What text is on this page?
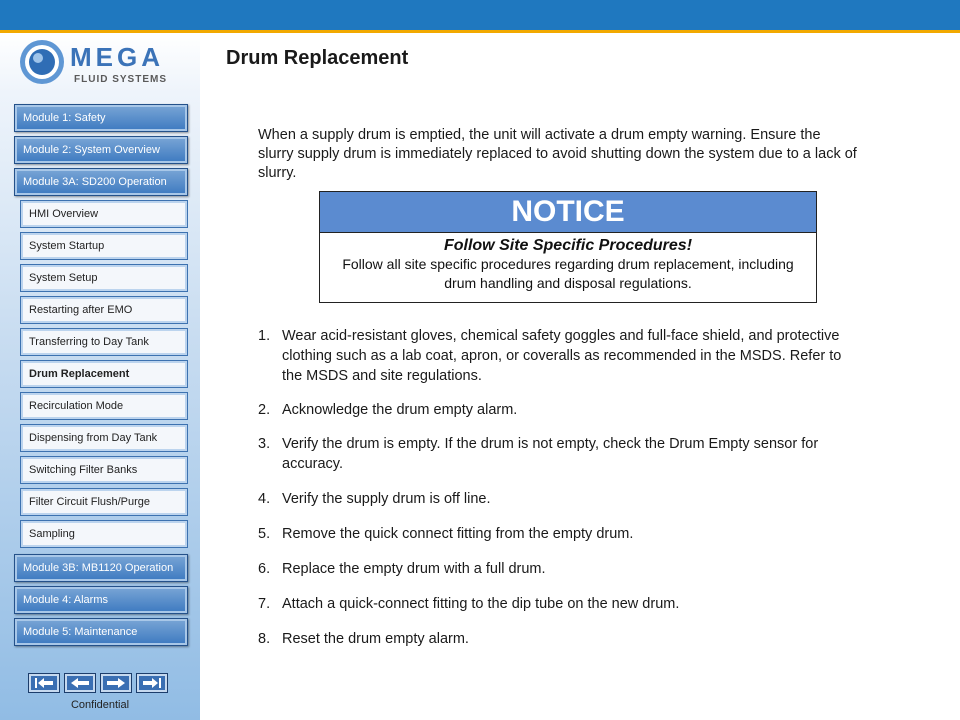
MEGA
FLUID SYSTEMS
Module 1: Safety
Module 2: System Overview
Module 3A: SD200 Operation
HMI Overview
System Startup
System Setup
Restarting after EMO
Transferring to Day Tank
Drum Replacement
Recirculation Mode
Dispensing from Day Tank
Switching Filter Banks
Filter Circuit Flush/Purge
Sampling
Module 3B: MB1120 Operation
Module 4: Alarms
Module 5: Maintenance
Confidential
Drum Replacement
When a supply drum is emptied, the unit will activate a drum empty warning. Ensure the slurry supply drum is immediately replaced to avoid shutting down the system due to a lack of slurry.
NOTICE
Follow Site Specific Procedures!
Follow all site specific procedures regarding drum replacement, including drum handling and disposal regulations.
1. Wear acid-resistant gloves, chemical safety goggles and full-face shield, and protective clothing such as a lab coat, apron, or coveralls as recommended in the MSDS. Refer to the MSDS and site regulations.
2. Acknowledge the drum empty alarm.
3. Verify the drum is empty. If the drum is not empty, check the Drum Empty sensor for accuracy.
4. Verify the supply drum is off line.
5. Remove the quick connect fitting from the empty drum.
6. Replace the empty drum with a full drum.
7. Attach a quick-connect fitting to the dip tube on the new drum.
8. Reset the drum empty alarm.
